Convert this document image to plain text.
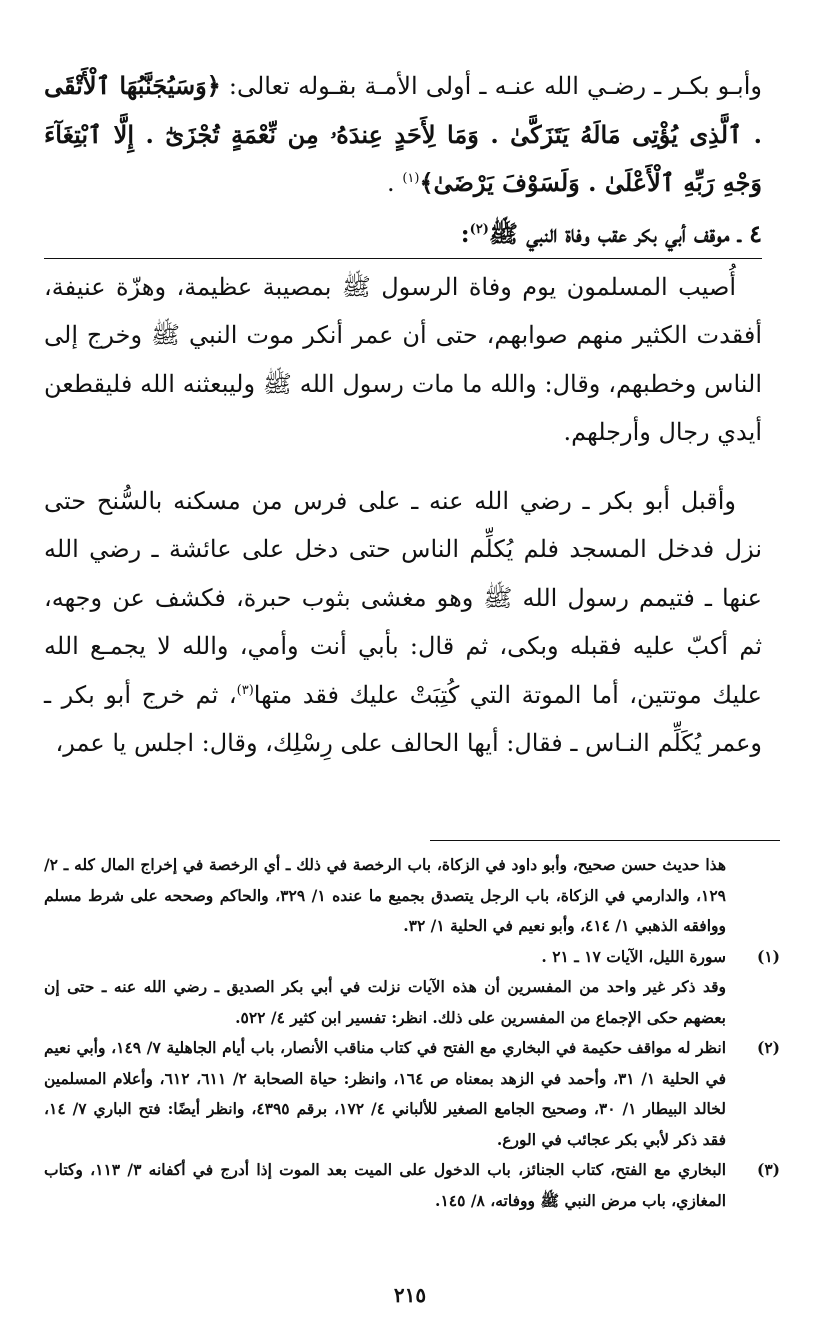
وأبـو بكـر ـ رضـي الله عنـه ـ أولى الأمـة بقـوله تعالى: ﴿وَسَيُجَنَّبُهَا ٱلْأَتْقَى . ٱلَّذِى يُؤْتِى مَالَهُ يَتَزَكَّىٰ . وَمَا لِأَحَدٍ عِندَهُۥ مِن نِّعْمَةٍ تُجْزَىٰٓ . إِلَّا ٱبْتِغَآءَ وَجْهِ رَبِّهِ ٱلْأَعْلَىٰ . وَلَسَوْفَ يَرْضَىٰ﴾$^{(١)}$ .

٤ ـ موقف أبي بكر عقب وفاة النبي ﷺ$^{(٢)}$:

أُصيب المسلمون يوم وفاة الرسول ﷺ بمصيبة عظيمة، وهزّة عنيفة، أفقدت الكثير منهم صوابهم، حتى أن عمر أنكر موت النبي ﷺ وخرج إلى الناس وخطبهم، وقال: والله ما مات رسول الله ﷺ وليبعثنه الله فليقطعن أيدي رجال وأرجلهم.

وأقبل أبو بكر ـ رضي الله عنه ـ على فرس من مسكنه بالسُّنح حتى نزل فدخل المسجد فلم يُكلِّم الناس حتى دخل على عائشة ـ رضي الله عنها ـ فتيمم رسول الله ﷺ وهو مغشى بثوب حبرة، فكشف عن وجهه، ثم أكبّ عليه فقبله وبكى، ثم قال: بأبي أنت وأمي، والله لا يجمـع الله عليك موتتين، أما الموتة التي كُتِبَتْ عليك فقد متها$^{(٣)}$، ثم خرج أبو بكر ـ وعمر يُكَلِّم النـاس ـ فقال: أيها الحالف على رِسْلِك، وقال: اجلس يا عمر،

هذا حديث حسن صحيح، وأبو داود في الزكاة، باب الرخصة في ذلك ـ أي الرخصة في إخراج المال كله ـ ٢/ ١٢٩، والدارمي في الزكاة، باب الرجل يتصدق بجميع ما عنده ١/ ٣٢٩، والحاكم وصححه على شرط مسلم ووافقه الذهبي ١/ ٤١٤، وأبو نعيم في الحلية ١/ ٣٢.
(١)
سورة الليل، الآيات ١٧ ـ ٢١ .
وقد ذكر غير واحد من المفسرين أن هذه الآيات نزلت في أبي بكر الصديق ـ رضي الله عنه ـ حتى إن بعضهم حكى الإجماع من المفسرين على ذلك. انظر: تفسير ابن كثير ٤/ ٥٢٢.
(٢)
انظر له مواقف حكيمة في البخاري مع الفتح في كتاب مناقب الأنصار، باب أيام الجاهلية ٧/ ١٤٩، وأبي نعيم في الحلية ١/ ٣١، وأحمد في الزهد بمعناه ص ١٦٤، وانظر: حياة الصحابة ٢/ ٦١١، ٦١٢، وأعلام المسلمين لخالد البيطار ١/ ٣٠، وصحيح الجامع الصغير للألباني ٤/ ١٧٢، برقم ٤٣٩٥، وانظر أيضًا: فتح الباري ٧/ ١٤، فقد ذكر لأبي بكر عجائب في الورع.
(٣)
البخاري مع الفتح، كتاب الجنائز، باب الدخول على الميت بعد الموت إذا أدرج في أكفانه ٣/ ١١٣، وكتاب المغازي، باب مرض النبي ﷺ ووفاته، ٨/ ١٤٥.
٢١٥
